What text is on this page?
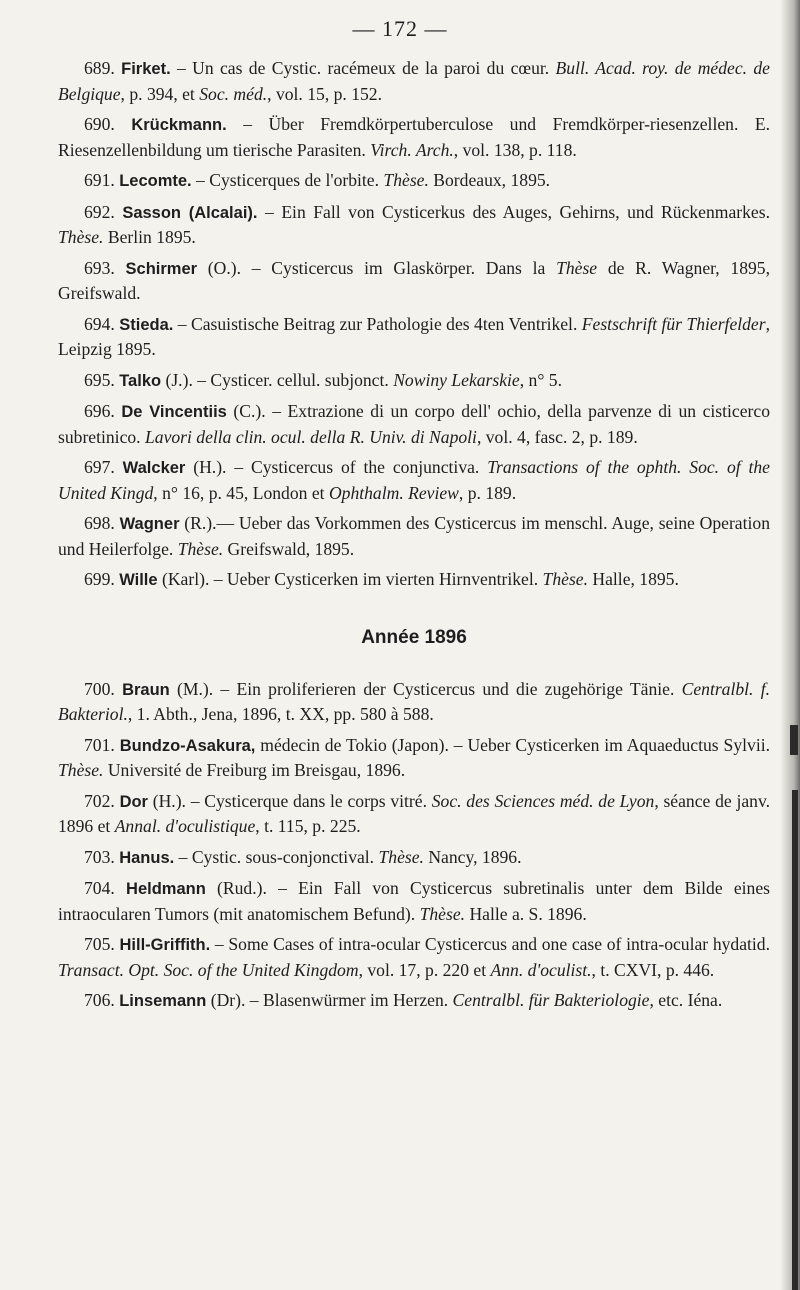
— 172 —

689. Firket. – Un cas de Cystic. racémeux de la paroi du cœur. Bull. Acad. roy. de médec. de Belgique, p. 394, et Soc. méd., vol. 15, p. 152.

690. Krückmann. – Über Fremdkörpertuberculose und Fremdkörper-riesenzellen. E. Riesenzellenbildung um tierische Parasiten. Virch. Arch., vol. 138, p. 118.

691. Lecomte. – Cysticerques de l'orbite. Thèse. Bordeaux, 1895.

692. Sasson (Alcalai). – Ein Fall von Cysticerkus des Auges, Gehirns, und Rückenmarkes. Thèse. Berlin 1895.

693. Schirmer (O.). – Cysticercus im Glaskörper. Dans la Thèse de R. Wagner, 1895, Greifswald.

694. Stieda. – Casuistische Beitrag zur Pathologie des 4ten Ventrikel. Festschrift für Thierfelder, Leipzig 1895.

695. Talko (J.). – Cysticer. cellul. subjonct. Nowiny Lekarskie, n° 5.

696. De Vincentiis (C.). – Extrazione di un corpo dell' ochio, della parvenze di un cisticerco subretinico. Lavori della clin. ocul. della R. Univ. di Napoli, vol. 4, fasc. 2, p. 189.

697. Walcker (H.). – Cysticercus of the conjunctiva. Transactions of the ophth. Soc. of the United Kingd, n° 16, p. 45, London et Ophthalm. Review, p. 189.

698. Wagner (R.).— Ueber das Vorkommen des Cysticercus im menschl. Auge, seine Operation und Heilerfolge. Thèse. Greifswald, 1895.

699. Wille (Karl). – Ueber Cysticerken im vierten Hirnventrikel. Thèse. Halle, 1895.

Année 1896

700. Braun (M.). – Ein proliferieren der Cysticercus und die zugehörige Tänie. Centralbl. f. Bakteriol., 1. Abth., Jena, 1896, t. XX, pp. 580 à 588.

701. Bundzo-Asakura, médecin de Tokio (Japon). – Ueber Cysticerken im Aquaeductus Sylvii. Thèse. Université de Freiburg im Breisgau, 1896.

702. Dor (H.). – Cysticerque dans le corps vitré. Soc. des Sciences méd. de Lyon, séance de janv. 1896 et Annal. d'oculistique, t. 115, p. 225.

703. Hanus. – Cystic. sous-conjonctival. Thèse. Nancy, 1896.

704. Heldmann (Rud.). – Ein Fall von Cysticercus subretinalis unter dem Bilde eines intraocularen Tumors (mit anatomischem Befund). Thèse. Halle a. S. 1896.

705. Hill-Griffith. – Some Cases of intra-ocular Cysticercus and one case of intra-ocular hydatid. Transact. Opt. Soc. of the United Kingdom, vol. 17, p. 220 et Ann. d'oculist., t. CXVI, p. 446.

706. Linsemann (Dr). – Blasenwürmer im Herzen. Centralbl. für Bakteriologie, etc. Iéna.
